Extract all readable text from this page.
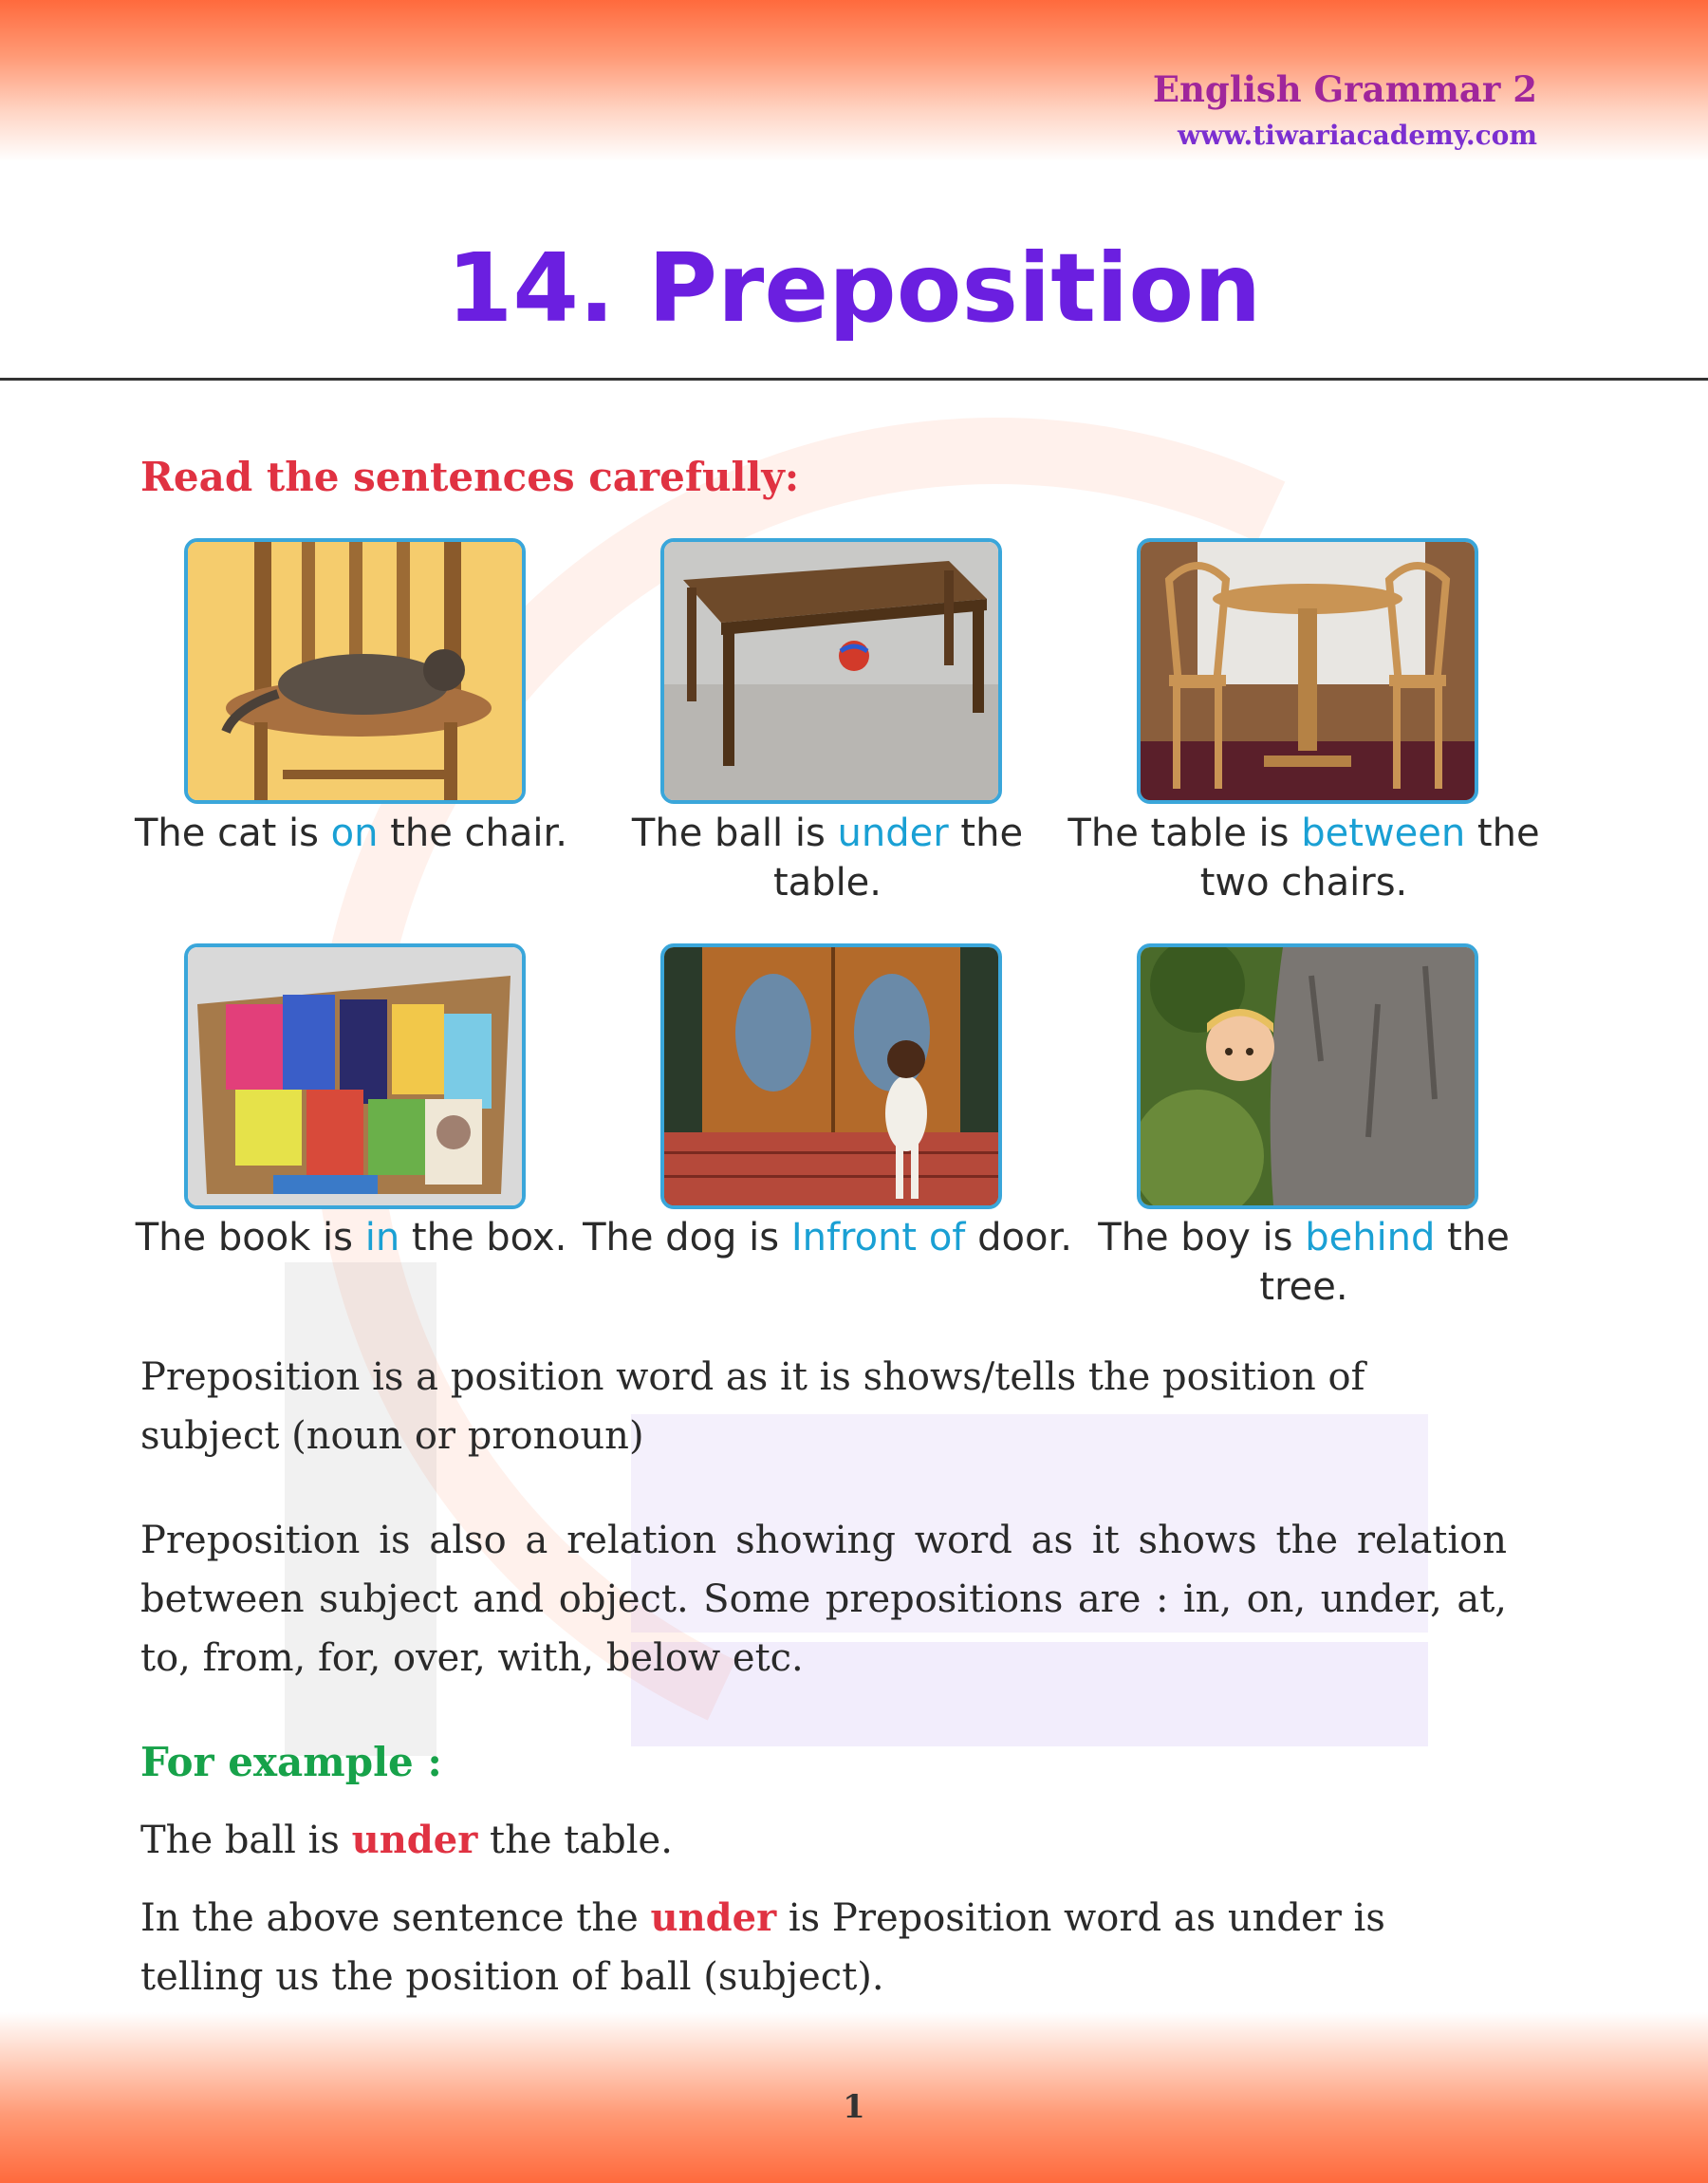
English Grammar 2
www.tiwariacademy.com
14. Preposition
Read the sentences carefully:
The cat is on the chair.	The ball is under the table.
The table is between the two chairs.
The book is in the box. The dog is Infront of door. The boy is behind the tree.
Preposition is a position word as it is shows/tells the position of subject (noun or pronoun)
Preposition is also a relation showing word as it shows the relation between subject and object. Some prepositions are : in, on, under, at, to, from, for, over, with, below etc.
For example :
The ball is under the table.
In the above sentence the under is Preposition word as under is telling us the position of ball (subject).
1
